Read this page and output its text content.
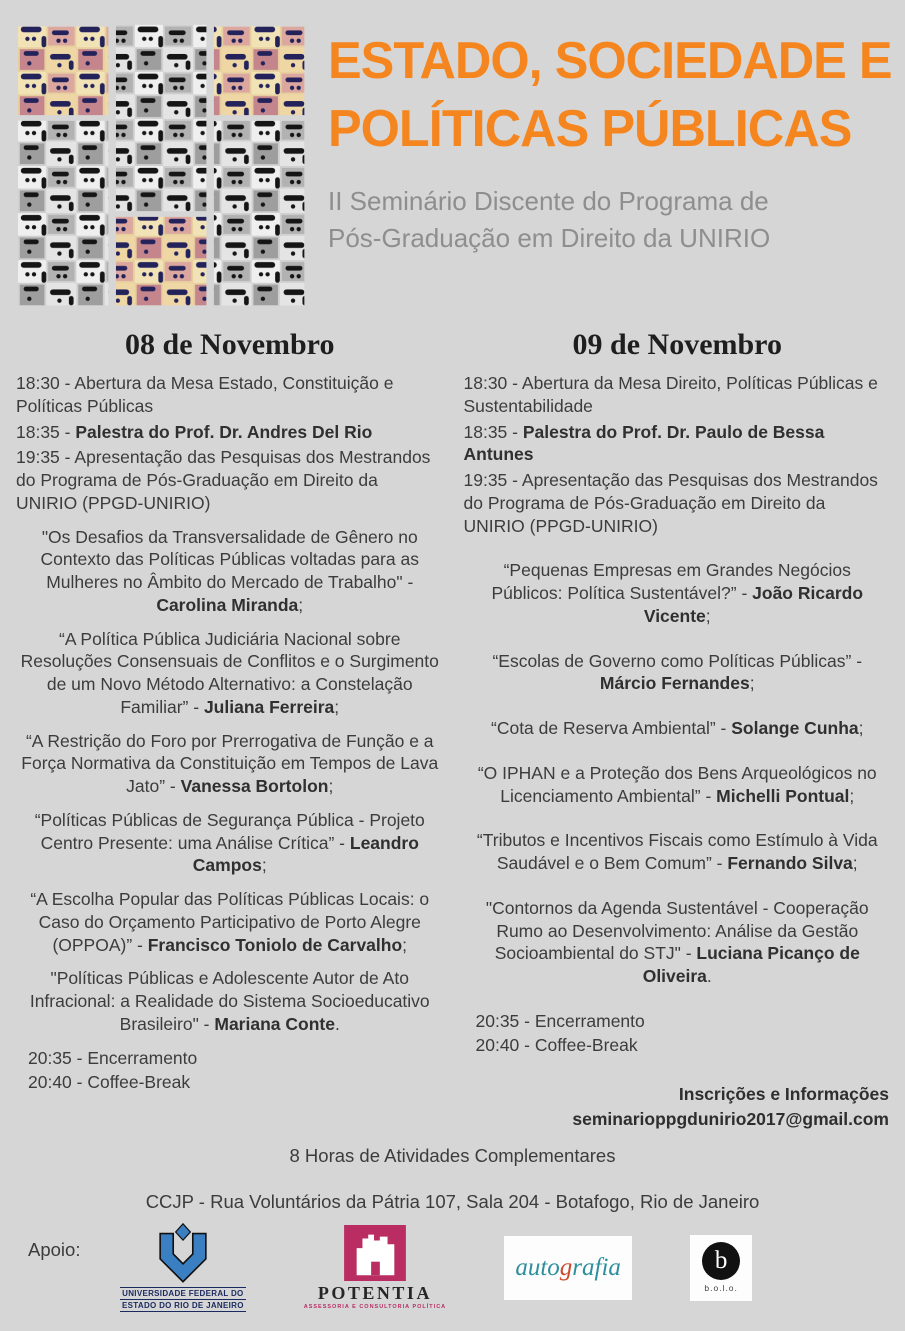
ESTADO, SOCIEDADE E
POLÍTICAS PÚBLICAS
II Seminário Discente do Programa de
Pós-Graduação em Direito da UNIRIO
08 de Novembro

18:30 - Abertura da Mesa Estado, Constituição e Políticas Públicas

18:35 - Palestra do Prof. Dr. Andres Del Rio

19:35 - Apresentação das Pesquisas dos Mestrandos do Programa de Pós-Graduação em Direito da UNIRIO (PPGD-UNIRIO)

"Os Desafios da Transversalidade de Gênero no Contexto das Políticas Públicas voltadas para as Mulheres no Âmbito do Mercado de Trabalho" - Carolina Miranda;

“A Política Pública Judiciária Nacional sobre Resoluções Consensuais de Conflitos e o Surgimento de um Novo Método Alternativo: a Constelação Familiar” - Juliana Ferreira;

“A Restrição do Foro por Prerrogativa de Função e a Força Normativa da Constituição em Tempos de Lava Jato” - Vanessa Bortolon;

“Políticas Públicas de Segurança Pública - Projeto Centro Presente: uma Análise Crítica” - Leandro Campos;

“A Escolha Popular das Políticas Públicas Locais: o Caso do Orçamento Participativo de Porto Alegre (OPPOA)” - Francisco Toniolo de Carvalho;

"Políticas Públicas e Adolescente Autor de Ato Infracional: a Realidade do Sistema Socioeducativo Brasileiro" - Mariana Conte.

20:35 - Encerramento

20:40 - Coffee-Break

09 de Novembro

18:30 - Abertura da Mesa Direito, Políticas Públicas e Sustentabilidade

18:35 - Palestra do Prof. Dr. Paulo de Bessa Antunes

19:35 - Apresentação das Pesquisas dos Mestrandos do Programa de Pós-Graduação em Direito da UNIRIO (PPGD-UNIRIO)

“Pequenas Empresas em Grandes Negócios Públicos: Política Sustentável?” - João Ricardo Vicente;

“Escolas de Governo como Políticas Públicas” - Márcio Fernandes;

“Cota de Reserva Ambiental” - Solange Cunha;

“O IPHAN e a Proteção dos Bens Arqueológicos no Licenciamento Ambiental” - Michelli Pontual;

“Tributos e Incentivos Fiscais como Estímulo à Vida Saudável e o Bem Comum” - Fernando Silva;

"Contornos da Agenda Sustentável - Cooperação Rumo ao Desenvolvimento: Análise da Gestão Socioambiental do STJ" - Luciana Picanço de Oliveira.

20:35 - Encerramento

20:40 - Coffee-Break

Inscrições e Informações

seminarioppgdunirio2017@gmail.com

8 Horas de Atividades Complementares

CCJP - Rua Voluntários da Pátria 107, Sala 204 - Botafogo, Rio de Janeiro

Apoio:
UNIVERSIDADE FEDERAL DO
ESTADO DO RIO DE JANEIRO
POTENTIA
ASSESSORIA E CONSULTORIA POLÍTICA
autografia	b
b.o.l.o.
